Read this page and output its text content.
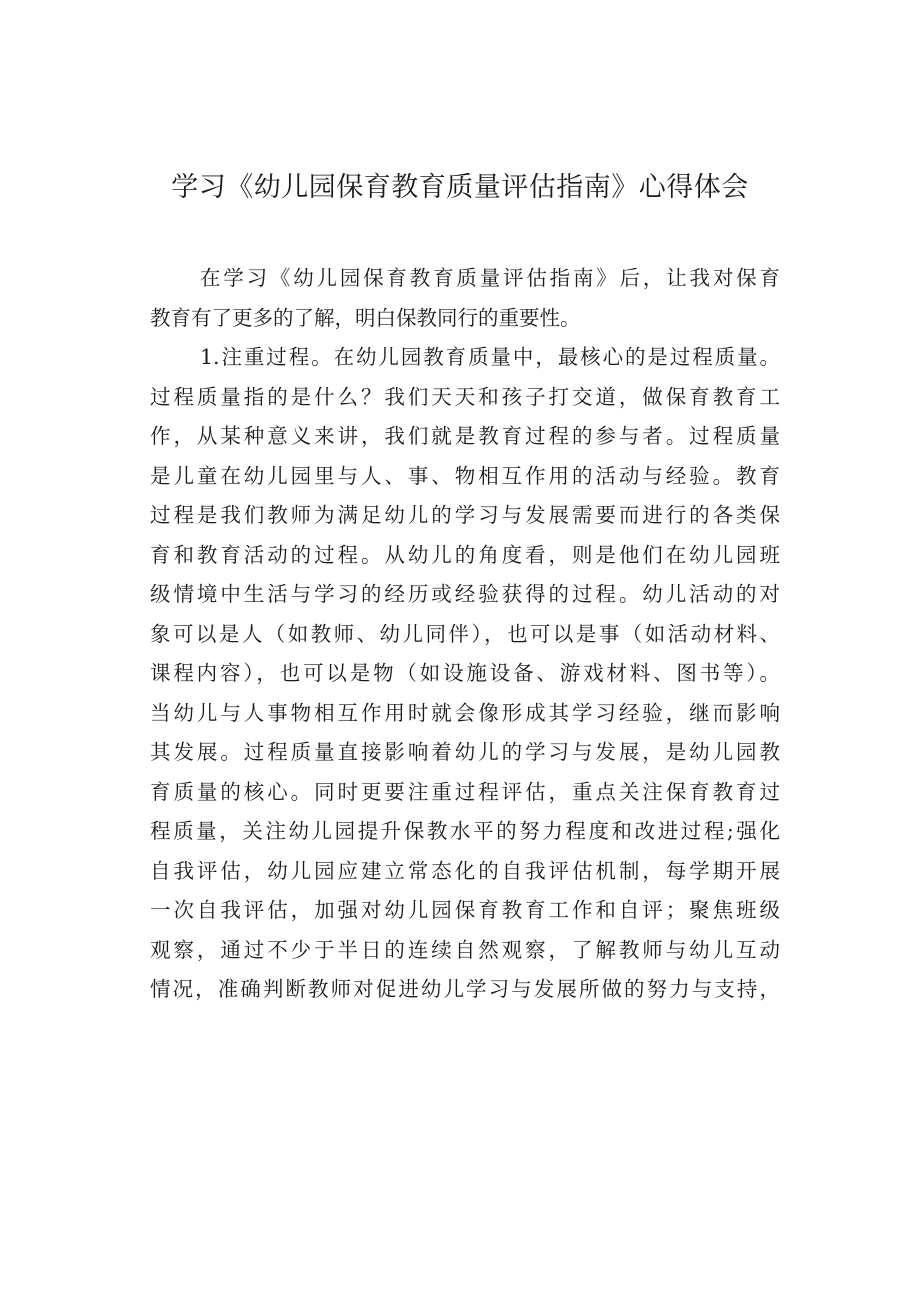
学习《幼儿园保育教育质量评估指南》心得体会
在学习《幼儿园保育教育质量评估指南》后，让我对保育
教育有了更多的了解，明白保教同行的重要性。
1.注重过程。在幼儿园教育质量中，最核心的是过程质量。
过程质量指的是什么？我们天天和孩子打交道，做保育教育工
作，从某种意义来讲，我们就是教育过程的参与者。过程质量
是儿童在幼儿园里与人、事、物相互作用的活动与经验。教育
过程是我们教师为满足幼儿的学习与发展需要而进行的各类保
育和教育活动的过程。从幼儿的角度看，则是他们在幼儿园班
级情境中生活与学习的经历或经验获得的过程。幼儿活动的对
象可以是人（如教师、幼儿同伴），也可以是事（如活动材料、
课程内容），也可以是物（如设施设备、游戏材料、图书等）。
当幼儿与人事物相互作用时就会像形成其学习经验，继而影响
其发展。过程质量直接影响着幼儿的学习与发展，是幼儿园教
育质量的核心。同时更要注重过程评估，重点关注保育教育过
程质量，关注幼儿园提升保教水平的努力程度和改进过程;强化
自我评估，幼儿园应建立常态化的自我评估机制，每学期开展
一次自我评估，加强对幼儿园保育教育工作和自评；聚焦班级
观察，通过不少于半日的连续自然观察，了解教师与幼儿互动
情况，准确判断教师对促进幼儿学习与发展所做的努力与支持，
